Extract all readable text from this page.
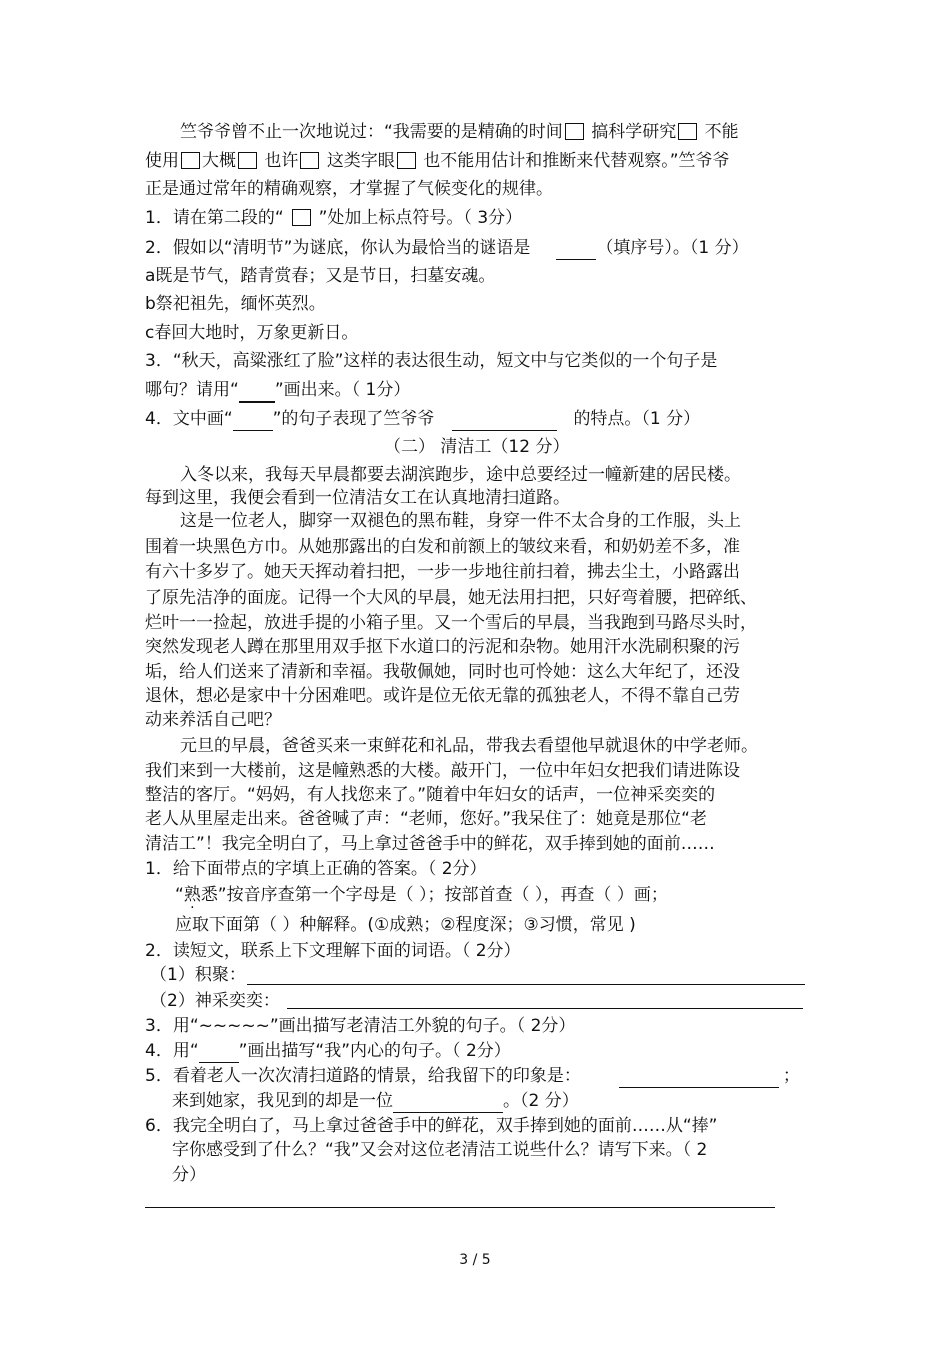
竺爷爷曾不止一次地说过：“我需要的是精确的时间 搞科学研究 不能
使用 大概 也许 这类字眼 也不能用估计和推断来代替观察。”竺爷爷
正是通过常年的精确观察，才掌握了气候变化的规律。
1．请在第二段的“ ”处加上标点符号。（ 3分）
2．假如以“清明节”为谜底，你认为最恰当的谜语是	（填序号）。（1 分）
a既是节气，踏青赏春；又是节日，扫墓安魂。
b祭祀祖先，缅怀英烈。
c春回大地时，万象更新日。
3．“秋天，高粱涨红了脸”这样的表达很生动，短文中与它类似的一个句子是
哪句？请用“ ”画出来。（ 1分）
4．文中画“ ”的句子表现了竺爷爷	的特点。（1 分）
（二） 清洁工（12 分）
入冬以来，我每天早晨都要去湖滨跑步，途中总要经过一幢新建的居民楼。
每到这里，我便会看到一位清洁女工在认真地清扫道路。
这是一位老人，脚穿一双褪色的黑布鞋，身穿一件不太合身的工作服，头上
围着一块黑色方巾。从她那露出的白发和前额上的皱纹来看，和奶奶差不多，准
有六十多岁了。她天天挥动着扫把，一步一步地往前扫着，拂去尘土，小路露出
了原先洁净的面庞。记得一个大风的早晨，她无法用扫把，只好弯着腰，把碎纸、
烂叶一一捡起，放进手提的小箱子里。又一个雪后的早晨，当我跑到马路尽头时，
突然发现老人蹲在那里用双手抠下水道口的污泥和杂物。她用汗水洗刷积聚的污
垢，给人们送来了清新和幸福。我敬佩她，同时也可怜她：这么大年纪了，还没
退休，想必是家中十分困难吧。或许是位无依无靠的孤独老人，不得不靠自己劳
动来养活自己吧？
元旦的早晨，爸爸买来一束鲜花和礼品，带我去看望他早就退休的中学老师。
我们来到一大楼前，这是幢熟悉的大楼。敲开门，一位中年妇女把我们请进陈设
整洁的客厅。“妈妈，有人找您来了。”随着中年妇女的话声，一位神采奕奕的
老人从里屋走出来。爸爸喊了声：“老师，您好。”我呆住了：她竟是那位“老
清洁工”！我完全明白了，马上拿过爸爸手中的鲜花，双手捧到她的面前……
1．给下面带点的字填上正确的答案。（ 2分）
“熟悉”按音序查第一个字母是（ ）；按部首查（ ），再查（ ）画；
应取下面第（ ）种解释。(①成熟；②程度深；③习惯，常见 )
2．读短文，联系上下文理解下面的词语。（ 2分）
（1）积聚：
（2）神采奕奕：
3．用“~~~~~”画出描写老清洁工外貌的句子。（ 2分）
4．用“ ”画出描写“我”内心的句子。（ 2分）
5．看着老人一次次清扫道路的情景，给我留下的印象是：	；
来到她家，我见到的却是一位	。（2 分）
6．我完全明白了，马上拿过爸爸手中的鲜花，双手捧到她的面前……从“捧”
字你感受到了什么？“我”又会对这位老清洁工说些什么？请写下来。（ 2
分）
3 / 5
